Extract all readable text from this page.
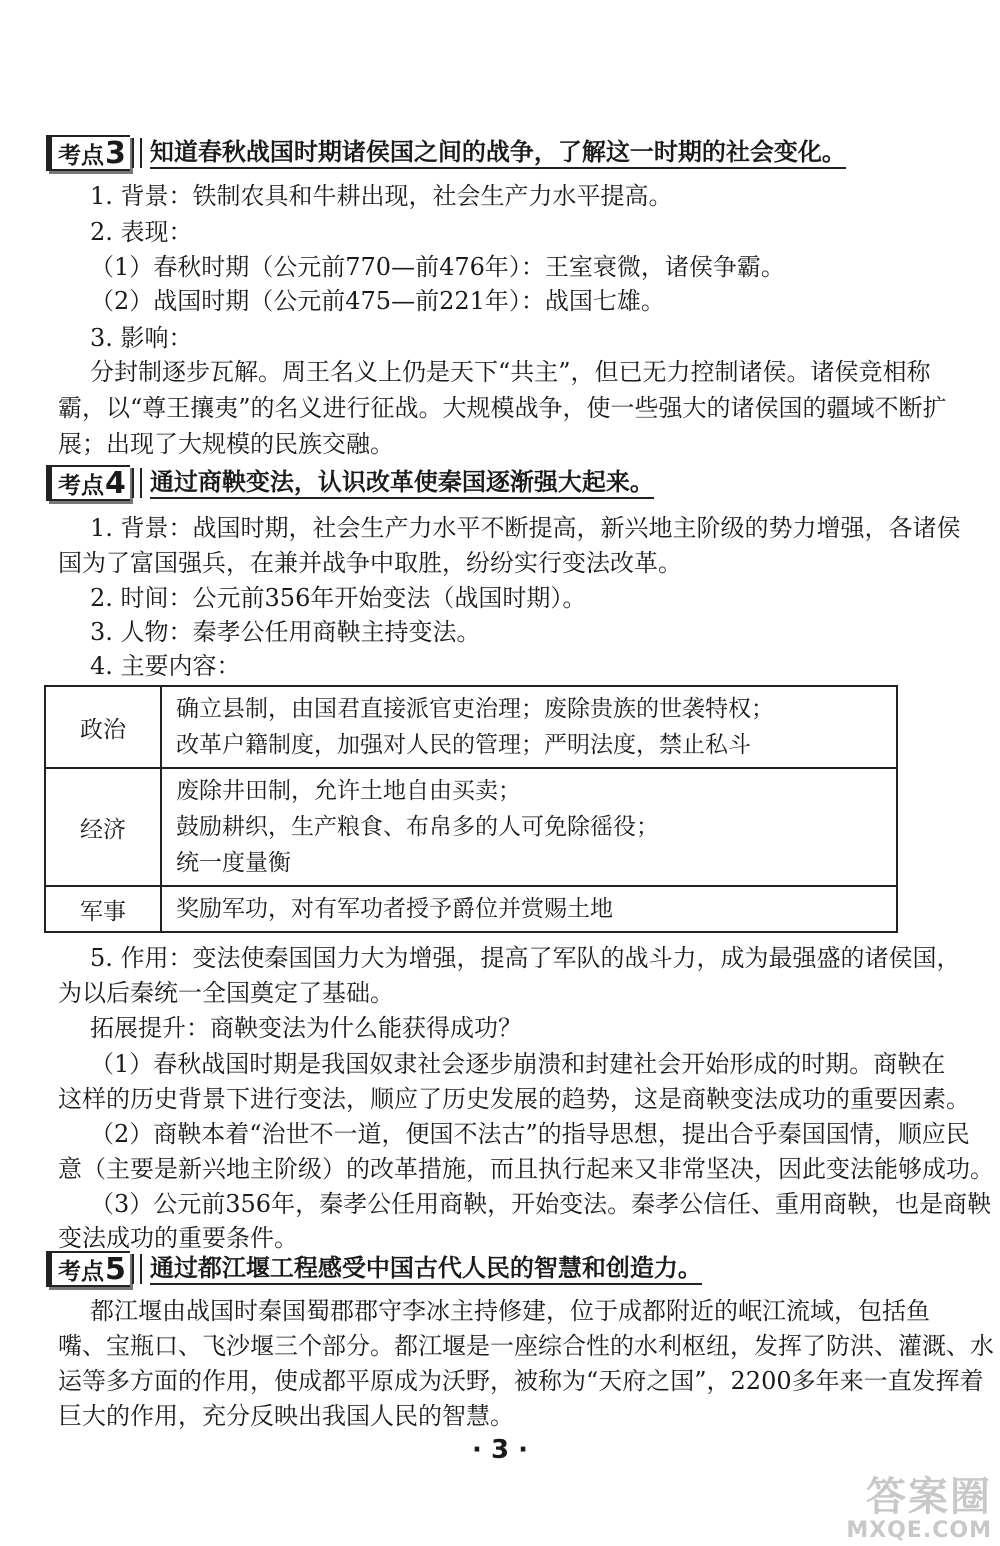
考点 3 知道春秋战国时期诸侯国之间的战争，了解这一时期的社会变化。
1. 背景：铁制农具和牛耕出现，社会生产力水平提高。
2. 表现：
（1）春秋时期（公元前770—前476年）：王室衰微，诸侯争霸。
（2）战国时期（公元前475—前221年）：战国七雄。
3. 影响：
分封制逐步瓦解。周王名义上仍是天下“共主”，但已无力控制诸侯。诸侯竞相称
霸，以“尊王攘夷”的名义进行征战。大规模战争，使一些强大的诸侯国的疆域不断扩
展；出现了大规模的民族交融。
考点 4 通过商鞅变法，认识改革使秦国逐渐强大起来。
1. 背景：战国时期，社会生产力水平不断提高，新兴地主阶级的势力增强，各诸侯
国为了富国强兵，在兼并战争中取胜，纷纷实行变法改革。
2. 时间：公元前356年开始变法（战国时期）。
3. 人物：秦孝公任用商鞅主持变法。
4. 主要内容：
政治	确立县制，由国君直接派官吏治理；废除贵族的世袭特权；
改革户籍制度，加强对人民的管理；严明法度，禁止私斗

经济	废除井田制，允许土地自由买卖；
鼓励耕织，生产粮食、布帛多的人可免除徭役；
统一度量衡

军事	奖励军功，对有军功者授予爵位并赏赐土地
5. 作用：变法使秦国国力大为增强，提高了军队的战斗力，成为最强盛的诸侯国，
为以后秦统一全国奠定了基础。
拓展提升：商鞅变法为什么能获得成功？
（1）春秋战国时期是我国奴隶社会逐步崩溃和封建社会开始形成的时期。商鞅在
这样的历史背景下进行变法，顺应了历史发展的趋势，这是商鞅变法成功的重要因素。
（2）商鞅本着“治世不一道，便国不法古”的指导思想，提出合乎秦国国情，顺应民
意（主要是新兴地主阶级）的改革措施，而且执行起来又非常坚决，因此变法能够成功。
（3）公元前356年，秦孝公任用商鞅，开始变法。秦孝公信任、重用商鞅，也是商鞅
变法成功的重要条件。
考点 5 通过都江堰工程感受中国古代人民的智慧和创造力。
都江堰由战国时秦国蜀郡郡守李冰主持修建，位于成都附近的岷江流域，包括鱼
嘴、宝瓶口、飞沙堰三个部分。都江堰是一座综合性的水利枢纽，发挥了防洪、灌溉、水
运等多方面的作用，使成都平原成为沃野，被称为“天府之国”，2200多年来一直发挥着
巨大的作用，充分反映出我国人民的智慧。
· 3 ·
答案圈
MXQE.COM
